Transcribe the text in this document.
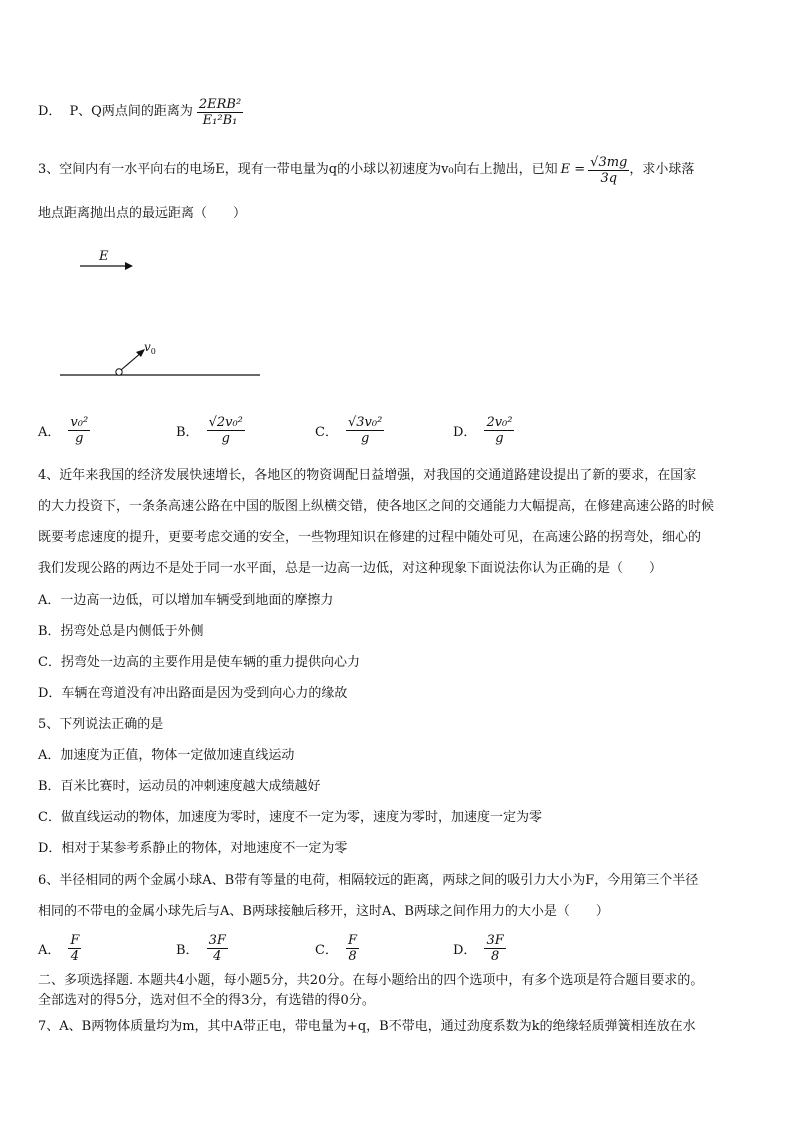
D． P、Q两点间的距离为 $\frac{\text{2ERB²}}{\text{E₁²B₁}}$
3、空间内有一水平向右的电场E，现有一带电量为q的小球以初速度为v₀向右上抛出，已知 $E = \frac{√3mg}{3q}$ ，求小球落
地点距离抛出点的最远距离（　　）
E
$v_0$
A． $\frac{\text{v₀²}}{g}$	B． $\frac{\text{√2v₀²}}{g}$	C． $\frac{\text{√3v₀²}}{g}$	D． $\frac{\text{2v₀²}}{g}$
4、近年来我国的经济发展快速增长，各地区的物资调配日益增强，对我国的交通道路建设提出了新的要求，在国家
的大力投资下，一条条高速公路在中国的版图上纵横交错，使各地区之间的交通能力大幅提高，在修建高速公路的时候
既要考虑速度的提升，更要考虑交通的安全，一些物理知识在修建的过程中随处可见，在高速公路的拐弯处，细心的
我们发现公路的两边不是处于同一水平面，总是一边高一边低，对这种现象下面说法你认为正确的是（　　）
A．一边高一边低，可以增加车辆受到地面的摩擦力
B．拐弯处总是内侧低于外侧
C．拐弯处一边高的主要作用是使车辆的重力提供向心力
D．车辆在弯道没有冲出路面是因为受到向心力的缘故
5、下列说法正确的是
A．加速度为正值，物体一定做加速直线运动
B．百米比赛时，运动员的冲刺速度越大成绩越好
C．做直线运动的物体，加速度为零时，速度不一定为零，速度为零时，加速度一定为零
D．相对于某参考系静止的物体，对地速度不一定为零
6、半径相同的两个金属小球A、B带有等量的电荷，相隔较远的距离，两球之间的吸引力大小为F，今用第三个半径
相同的不带电的金属小球先后与A、B两球接触后移开，这时A、B两球之间作用力的大小是（　　）
A． $\frac{F}{4}$	B． $\frac{3F}{4}$	C． $\frac{F}{8}$	D． $\frac{3F}{8}$
二、多项选择题. 本题共4小题，每小题5分，共20分。在每小题给出的四个选项中，有多个选项是符合题目要求的。
全部选对的得5分，选对但不全的得3分，有选错的得0分。
7、A、B两物体质量均为m，其中A带正电，带电量为+q，B不带电，通过劲度系数为k的绝缘轻质弹簧相连放在水
